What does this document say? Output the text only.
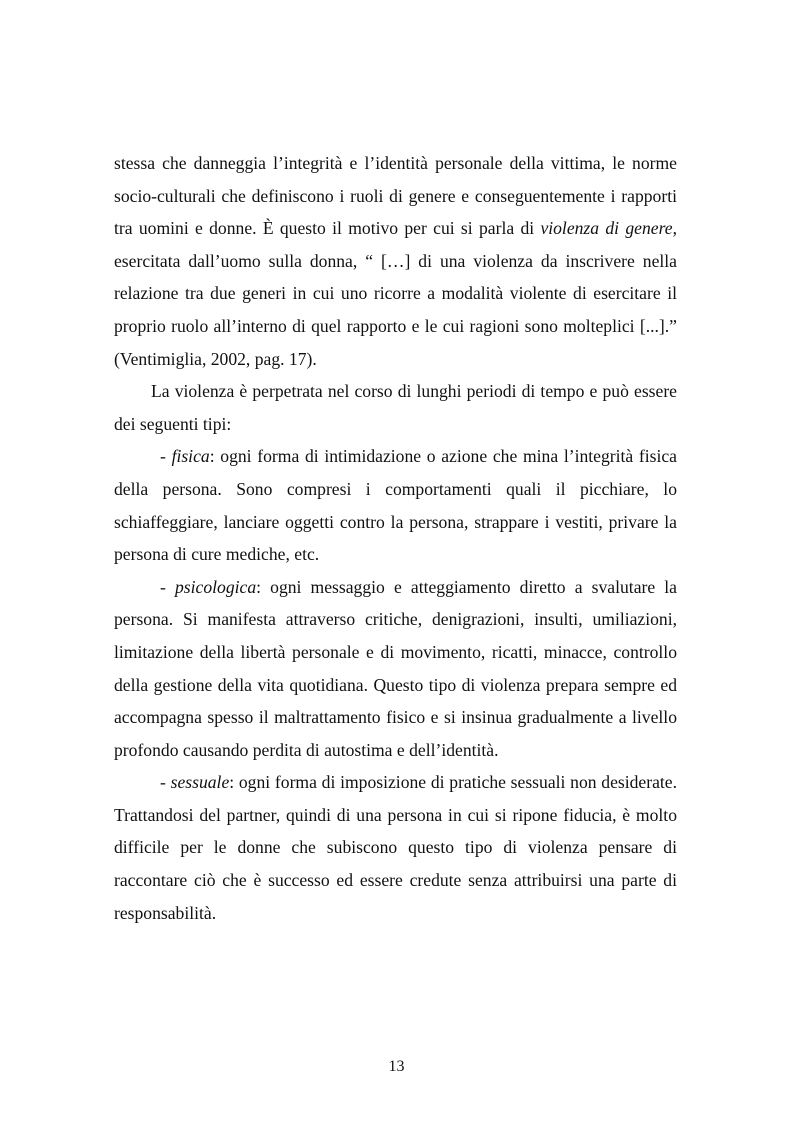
stessa che danneggia l’integrità e l’identità personale della vittima, le norme socio-culturali che definiscono i ruoli di genere e conseguentemente i rapporti tra uomini e donne. È questo il motivo per cui si parla di violenza di genere, esercitata dall’uomo sulla donna, “ […] di una violenza da inscrivere nella relazione tra due generi in cui uno ricorre a modalità violente di esercitare il proprio ruolo all’interno di quel rapporto e le cui ragioni sono molteplici [...].” (Ventimiglia, 2002, pag. 17).

La violenza è perpetrata nel corso di lunghi periodi di tempo e può essere dei seguenti tipi:

- fisica: ogni forma di intimidazione o azione che mina l’integrità fisica della persona. Sono compresi i comportamenti quali il picchiare, lo schiaffeggiare, lanciare oggetti contro la persona, strappare i vestiti, privare la persona di cure mediche, etc.

- psicologica: ogni messaggio e atteggiamento diretto a svalutare la persona. Si manifesta attraverso critiche, denigrazioni, insulti, umiliazioni, limitazione della libertà personale e di movimento, ricatti, minacce, controllo della gestione della vita quotidiana. Questo tipo di violenza prepara sempre ed accompagna spesso il maltrattamento fisico e si insinua gradualmente a livello profondo causando perdita di autostima e dell’identità.

- sessuale: ogni forma di imposizione di pratiche sessuali non desiderate. Trattandosi del partner, quindi di una persona in cui si ripone fiducia, è molto difficile per le donne che subiscono questo tipo di violenza pensare di raccontare ciò che è successo ed essere credute senza attribuirsi una parte di responsabilità.

13
